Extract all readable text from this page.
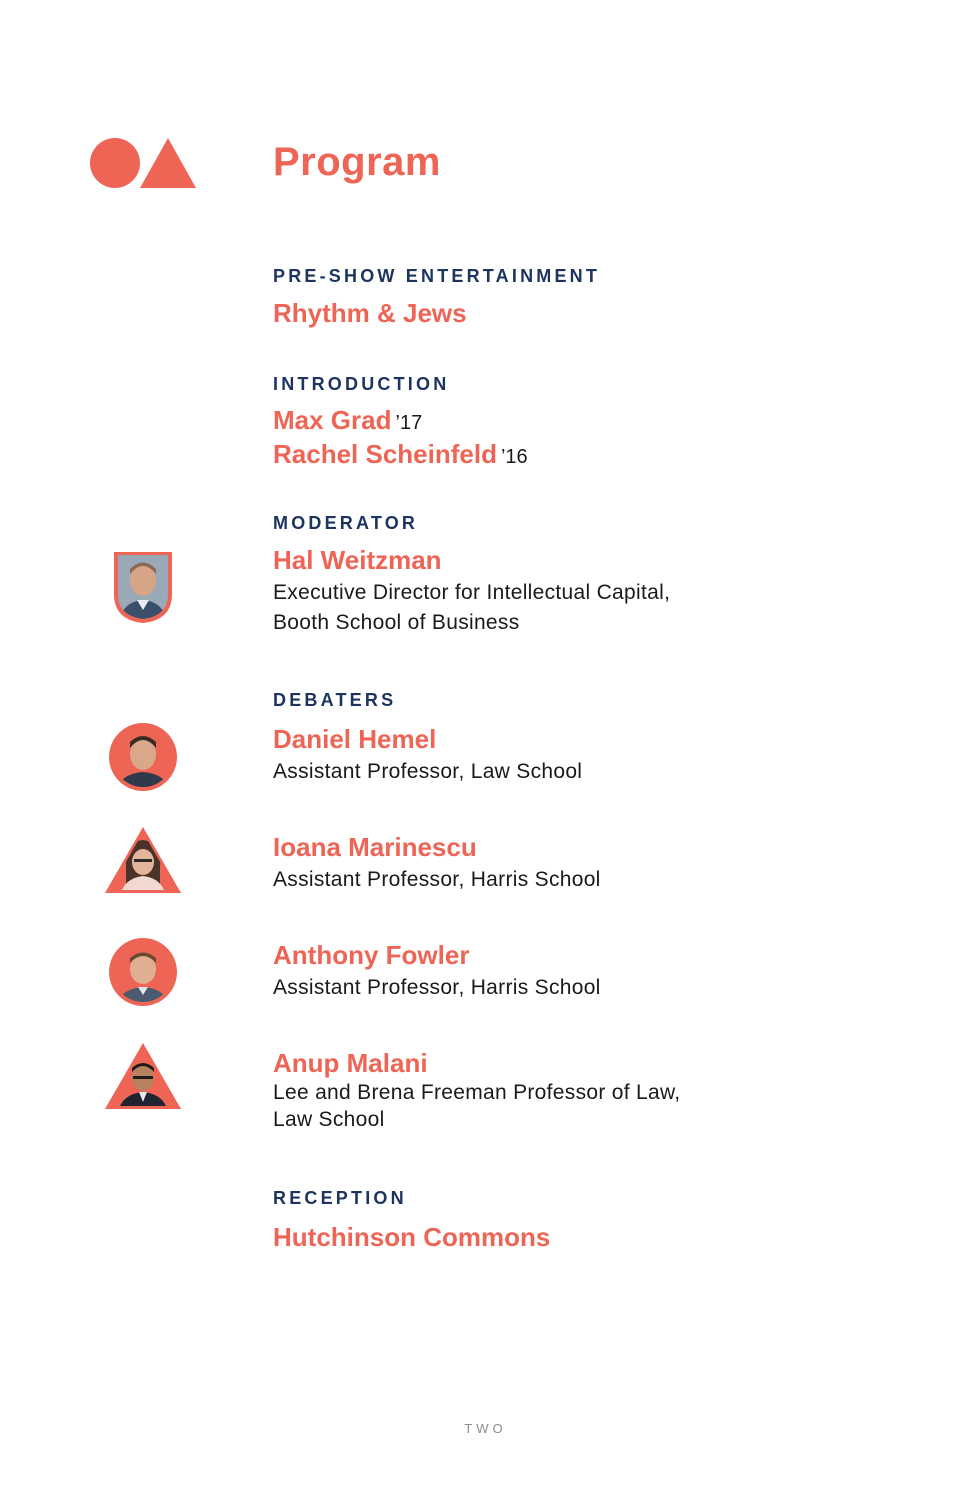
Program
PRE-SHOW ENTERTAINMENT
Rhythm & Jews
INTRODUCTION
Max Grad ’17
Rachel Scheinfeld ’16
MODERATOR
Hal Weitzman
Executive Director for Intellectual Capital,
Booth School of Business
DEBATERS
Daniel Hemel
Assistant Professor, Law School
Ioana Marinescu
Assistant Professor, Harris School
Anthony Fowler
Assistant Professor, Harris School
Anup Malani
Lee and Brena Freeman Professor of Law,
Law School
RECEPTION
Hutchinson Commons
TWO
